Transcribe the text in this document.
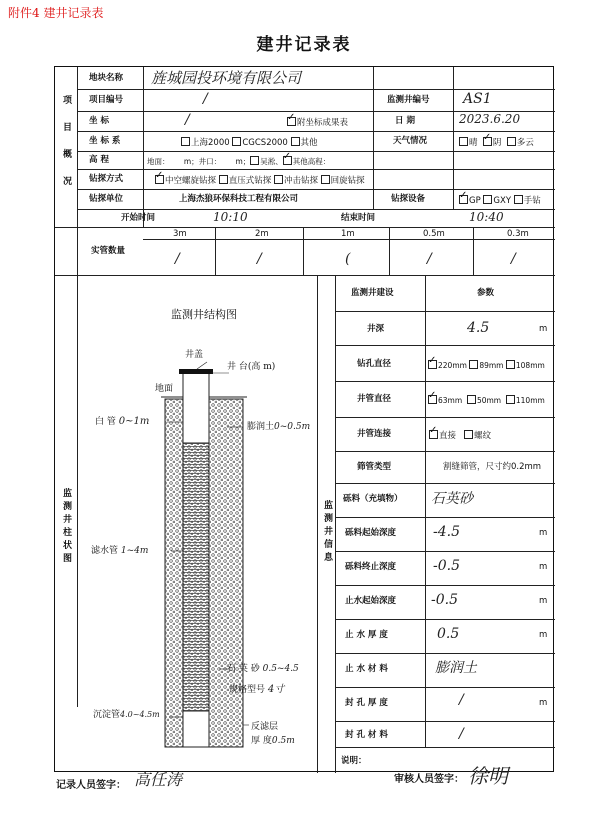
附件4 建井记录表
建井记录表
项目概况
地块名称 旌城园投环境有限公司
项目编号	/	监测井编号 AS1
坐 标	/ ✓	附坐标成果表	日 期	2023.6.20
坐 标 系	上海2000 CGCS2000 其他	天气情况	晴 ✓ 阴 多云
高 程	地面： m；井口： m； 吴淞、 ✓ 其他高程：
钻探方式 ✓	中空螺旋钻探 直压式钻探 冲击钻探 回旋钻探
钻探单位	上海杰狼环保科技工程有限公司	钻探设备 ✓	GP GXY 手钻
开始时间	10:10	结束时间	10:40
实管数量
3m	2m	1m	0.5m	0.3m
/	/	(	/	/
监测井柱状图	监测井信息
监测井结构图
井盖
井 台(高 m)
地面
白 管 0~1m	膨润土0~0.5m
滤水管 1~4m
石 英 砂 0.5~4.5
规格型号 4寸
沉淀管4.0~4.5m
反滤层
厚 度0.5m
监测井建设	参数
井深	4.5	m
钻孔直径 ✓	220mm 89mm 108mm
井管直径 ✓	63mm 50mm 110mm
井管连接 ✓	直接 螺纹
筛管类型	割缝筛管，尺寸约0.2mm
砾料（充填物） 石英砂
砾料起始深度	-4.5	m
砾料终止深度	-0.5	m
止水起始深度 -0.5	m
止 水 厚 度	0.5	m
止 水 材 料	膨润土
封 孔 厚 度	/	m
封 孔 材 料	/
说明：
记录人员签字： 高任涛	审核人员签字： 徐明
